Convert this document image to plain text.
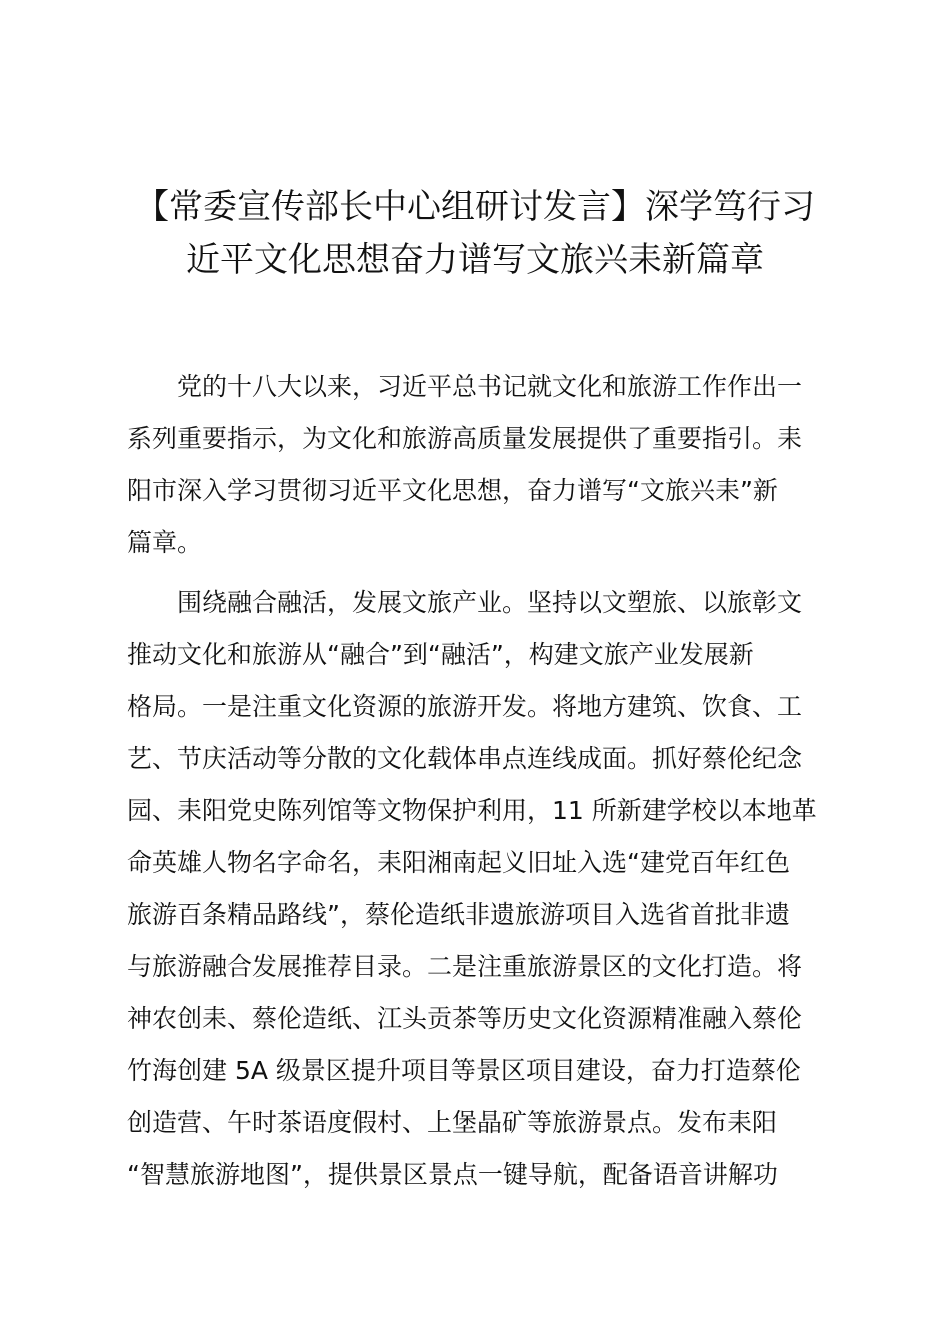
【常委宣传部长中心组研讨发言】深学笃行习
近平文化思想奋力谱写文旅兴耒新篇章
党的十八大以来，习近平总书记就文化和旅游工作作出一
系列重要指示，为文化和旅游高质量发展提供了重要指引。耒
阳市深入学习贯彻习近平文化思想，奋力谱写“文旅兴耒”新
篇章。
围绕融合融活，发展文旅产业。坚持以文塑旅、以旅彰文
推动文化和旅游从“融合”到“融活”，构建文旅产业发展新
格局。一是注重文化资源的旅游开发。将地方建筑、饮食、工
艺、节庆活动等分散的文化载体串点连线成面。抓好蔡伦纪念
园、耒阳党史陈列馆等文物保护利用，11 所新建学校以本地革
命英雄人物名字命名，耒阳湘南起义旧址入选“建党百年红色
旅游百条精品路线”，蔡伦造纸非遗旅游项目入选省首批非遗
与旅游融合发展推荐目录。二是注重旅游景区的文化打造。将
神农创耒、蔡伦造纸、江头贡茶等历史文化资源精准融入蔡伦
竹海创建 5A 级景区提升项目等景区项目建设，奋力打造蔡伦
创造营、午时茶语度假村、上堡晶矿等旅游景点。发布耒阳
“智慧旅游地图”，提供景区景点一键导航，配备语音讲解功
